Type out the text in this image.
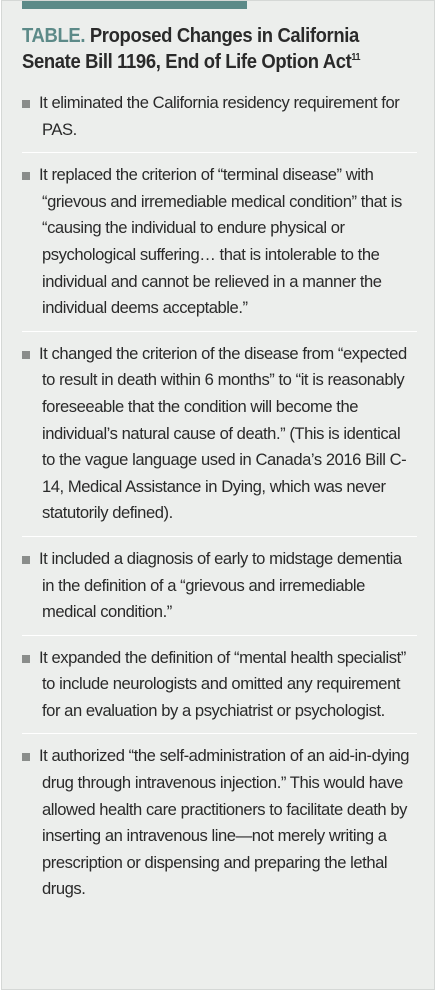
TABLE. Proposed Changes in California
Senate Bill 1196, End of Life Option Act$^{11}$
It eliminated the California residency requirement for PAS.
It replaced the criterion of “terminal disease” with “grievous and irremediable medical condition” that is “causing the individual to endure physical or psychological suffering… that is intolerable to the individual and cannot be relieved in a manner the individual deems acceptable.”
It changed the criterion of the disease from “expected to result in death within 6 months” to “it is reasonably foreseeable that the condition will become the individual’s natural cause of death.” (This is identical to the vague language used in Canada’s 2016 Bill C-14, Medical Assistance in Dying, which was never statutorily defined).
It included a diagnosis of early to midstage dementia in the definition of a “grievous and irremediable medical condition.”
It expanded the definition of “mental health specialist” to include neurologists and omitted any requirement for an evaluation by a psychiatrist or psychologist.
It authorized “the self-administration of an aid-in-dying drug through intravenous injection.” This would have allowed health care practitioners to facilitate death by inserting an intravenous line—not merely writing a prescription or dispensing and preparing the lethal drugs.
